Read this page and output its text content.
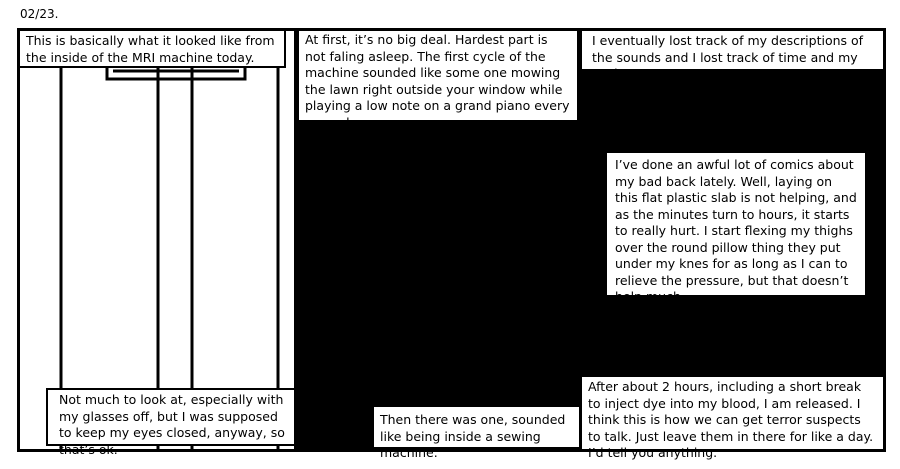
02/23.
This is basically what it looked like from the inside of the MRI machine today.
Not much to look at, especially with my glasses off, but I was supposed to keep my eyes closed, anyway, so that’s ok.
At first, it’s no big deal. Hardest part is not faling asleep. The first cycle of the machine sounded like some one mowing the lawn right outside your window while playing a low note on a grand piano every second.
Then there was one, sounded like being inside a sewing machine.
I eventually lost track of my descriptions of the sounds and I lost track of time and my sanity.
I’ve done an awful lot of comics about my bad back lately. Well, laying on this flat plastic slab is not helping, and as the minutes turn to hours, it starts to really hurt. I start flexing my thighs over the round pillow thing they put under my knes for as long as I can to relieve the pressure, but that doesn’t help much.
After about 2 hours, including a short break to inject dye into my blood, I am released. I think this is how we can get terror suspects to talk. Just leave them in there for like a day. I’d tell you anything.
